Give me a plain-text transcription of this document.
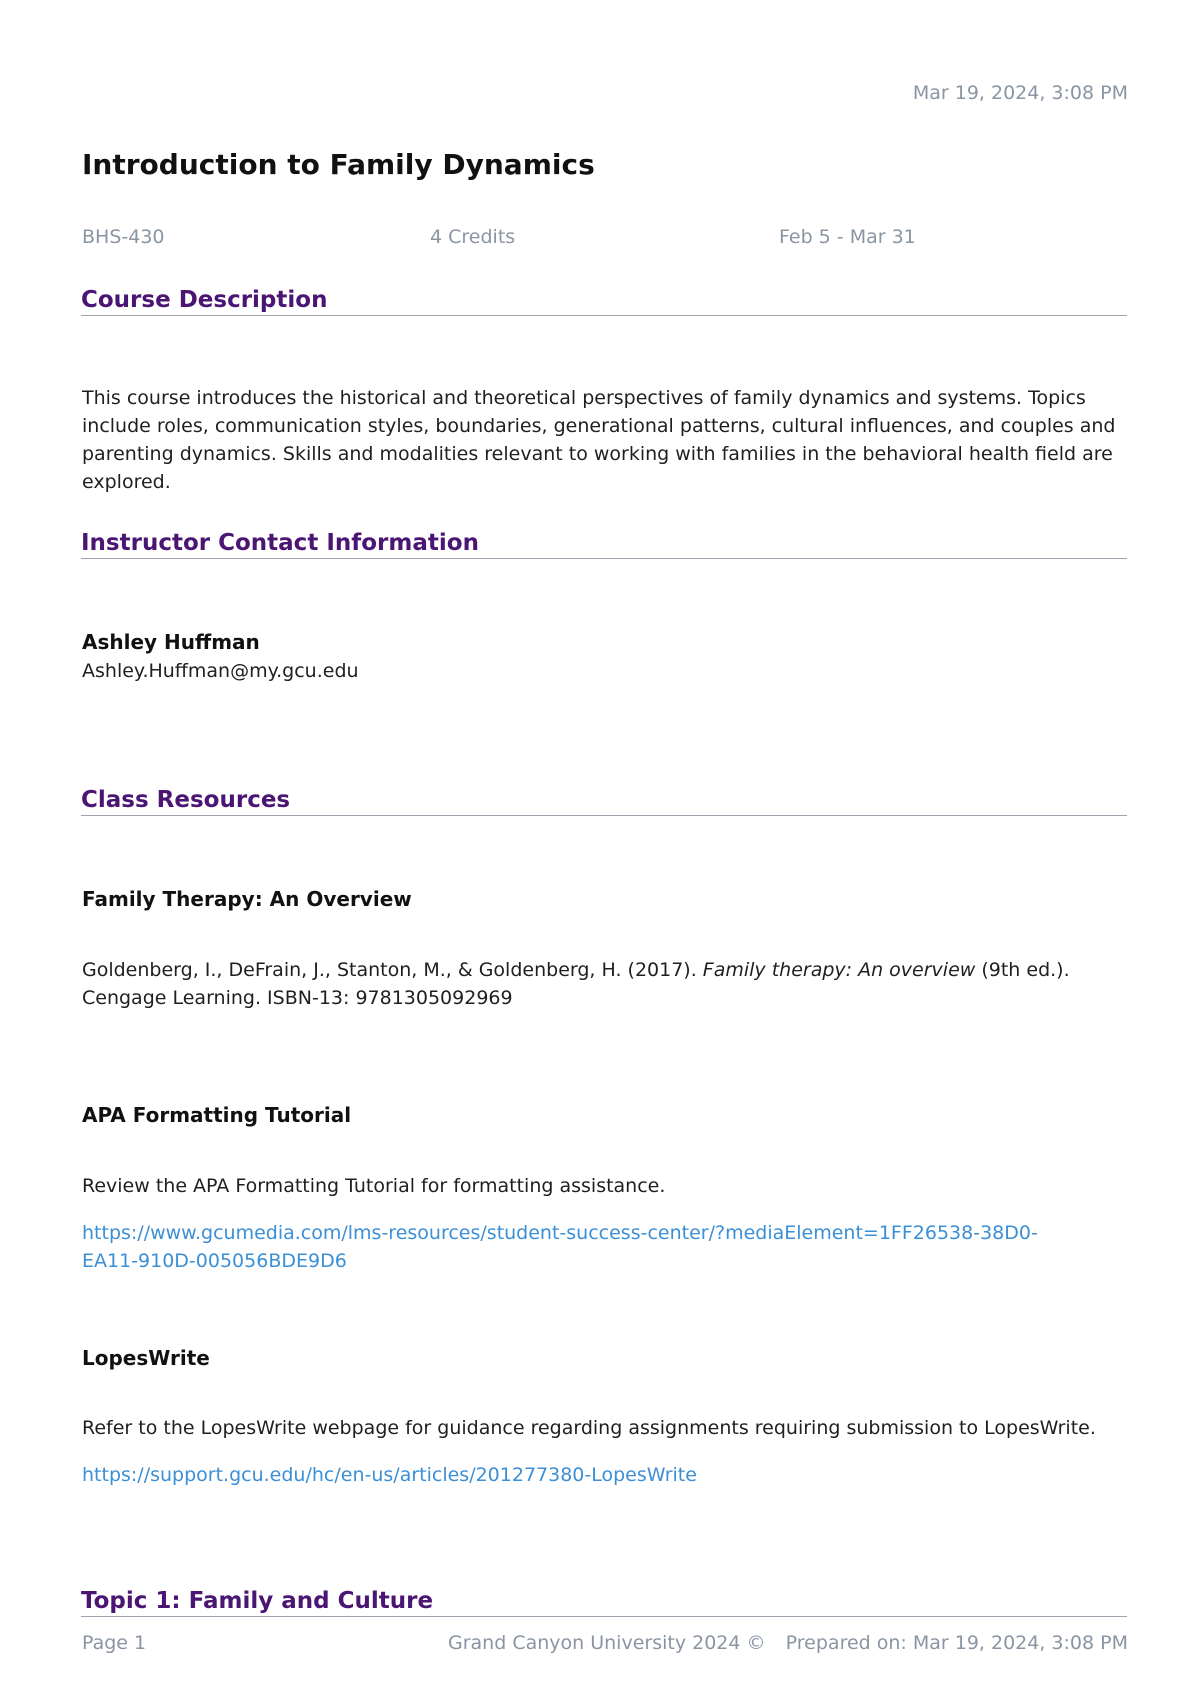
Mar 19, 2024, 3:08 PM
Introduction to Family Dynamics
BHS-430	4 Credits	Feb 5 - Mar 31
Course Description
This course introduces the historical and theoretical perspectives of family dynamics and systems. Topics include roles, communication styles, boundaries, generational patterns, cultural influences, and couples and parenting dynamics. Skills and modalities relevant to working with families in the behavioral health field are explored.
Instructor Contact Information
Ashley Huffman
Ashley.Huffman@my.gcu.edu
Class Resources
Family Therapy: An Overview
Goldenberg, I., DeFrain, J., Stanton, M., & Goldenberg, H. (2017). Family therapy: An overview (9th ed.). Cengage Learning. ISBN-13: 9781305092969
APA Formatting Tutorial
Review the APA Formatting Tutorial for formatting assistance.
https://www.gcumedia.com/lms-resources/student-success-center/?mediaElement=1FF26538-38D0-EA11-910D-005056BDE9D6
LopesWrite
Refer to the LopesWrite webpage for guidance regarding assignments requiring submission to LopesWrite.
https://support.gcu.edu/hc/en-us/articles/201277380-LopesWrite
Topic 1: Family and Culture
Page 1	Grand Canyon University 2024 © Prepared on: Mar 19, 2024, 3:08 PM
